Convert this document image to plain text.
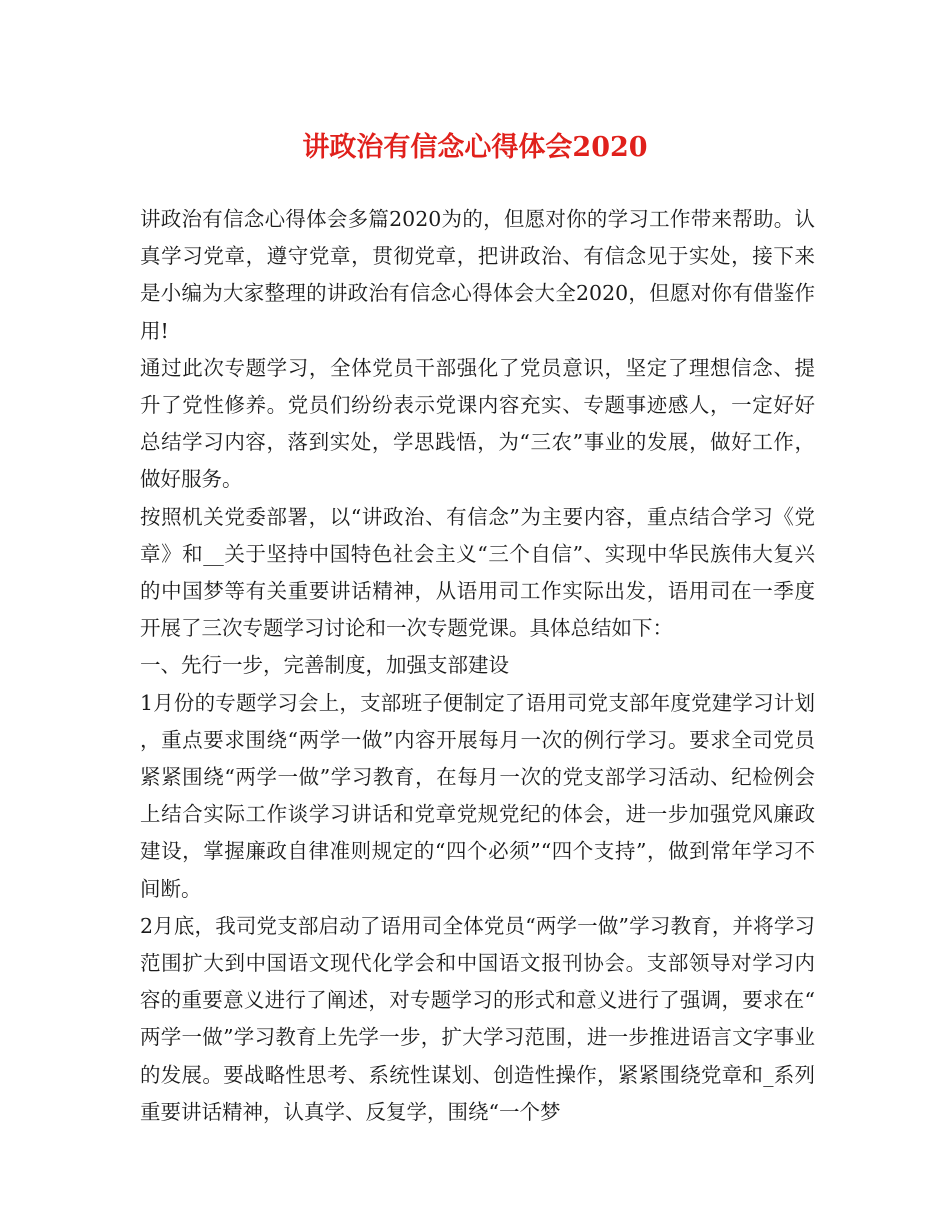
讲政治有信念心得体会2020

讲政治有信念心得体会多篇2020为的，但愿对你的学习工作带来帮助。认真学习党章，遵守党章，贯彻党章，把讲政治、有信念见于实处，接下来是小编为大家整理的讲政治有信念心得体会大全2020，但愿对你有借鉴作用!

通过此次专题学习，全体党员干部强化了党员意识，坚定了理想信念、提升了党性修养。党员们纷纷表示党课内容充实、专题事迹感人，一定好好总结学习内容，落到实处，学思践悟，为“三农”事业的发展，做好工作，做好服务。

按照机关党委部署，以“讲政治、有信念”为主要内容，重点结合学习《党章》和__关于坚持中国特色社会主义“三个自信”、实现中华民族伟大复兴的中国梦等有关重要讲话精神，从语用司工作实际出发，语用司在一季度开展了三次专题学习讨论和一次专题党课。具体总结如下：

一、先行一步，完善制度，加强支部建设

1月份的专题学习会上，支部班子便制定了语用司党支部年度党建学习计划，重点要求围绕“两学一做”内容开展每月一次的例行学习。要求全司党员紧紧围绕“两学一做”学习教育，在每月一次的党支部学习活动、纪检例会上结合实际工作谈学习讲话和党章党规党纪的体会，进一步加强党风廉政建设，掌握廉政自律准则规定的“四个必须”“四个支持”，做到常年学习不间断。

2月底，我司党支部启动了语用司全体党员“两学一做”学习教育，并将学习范围扩大到中国语文现代化学会和中国语文报刊协会。支部领导对学习内容的重要意义进行了阐述，对专题学习的形式和意义进行了强调，要求在“两学一做”学习教育上先学一步，扩大学习范围，进一步推进语言文字事业的发展。要战略性思考、系统性谋划、创造性操作，紧紧围绕党章和_系列重要讲话精神，认真学、反复学，围绕“一个梦
